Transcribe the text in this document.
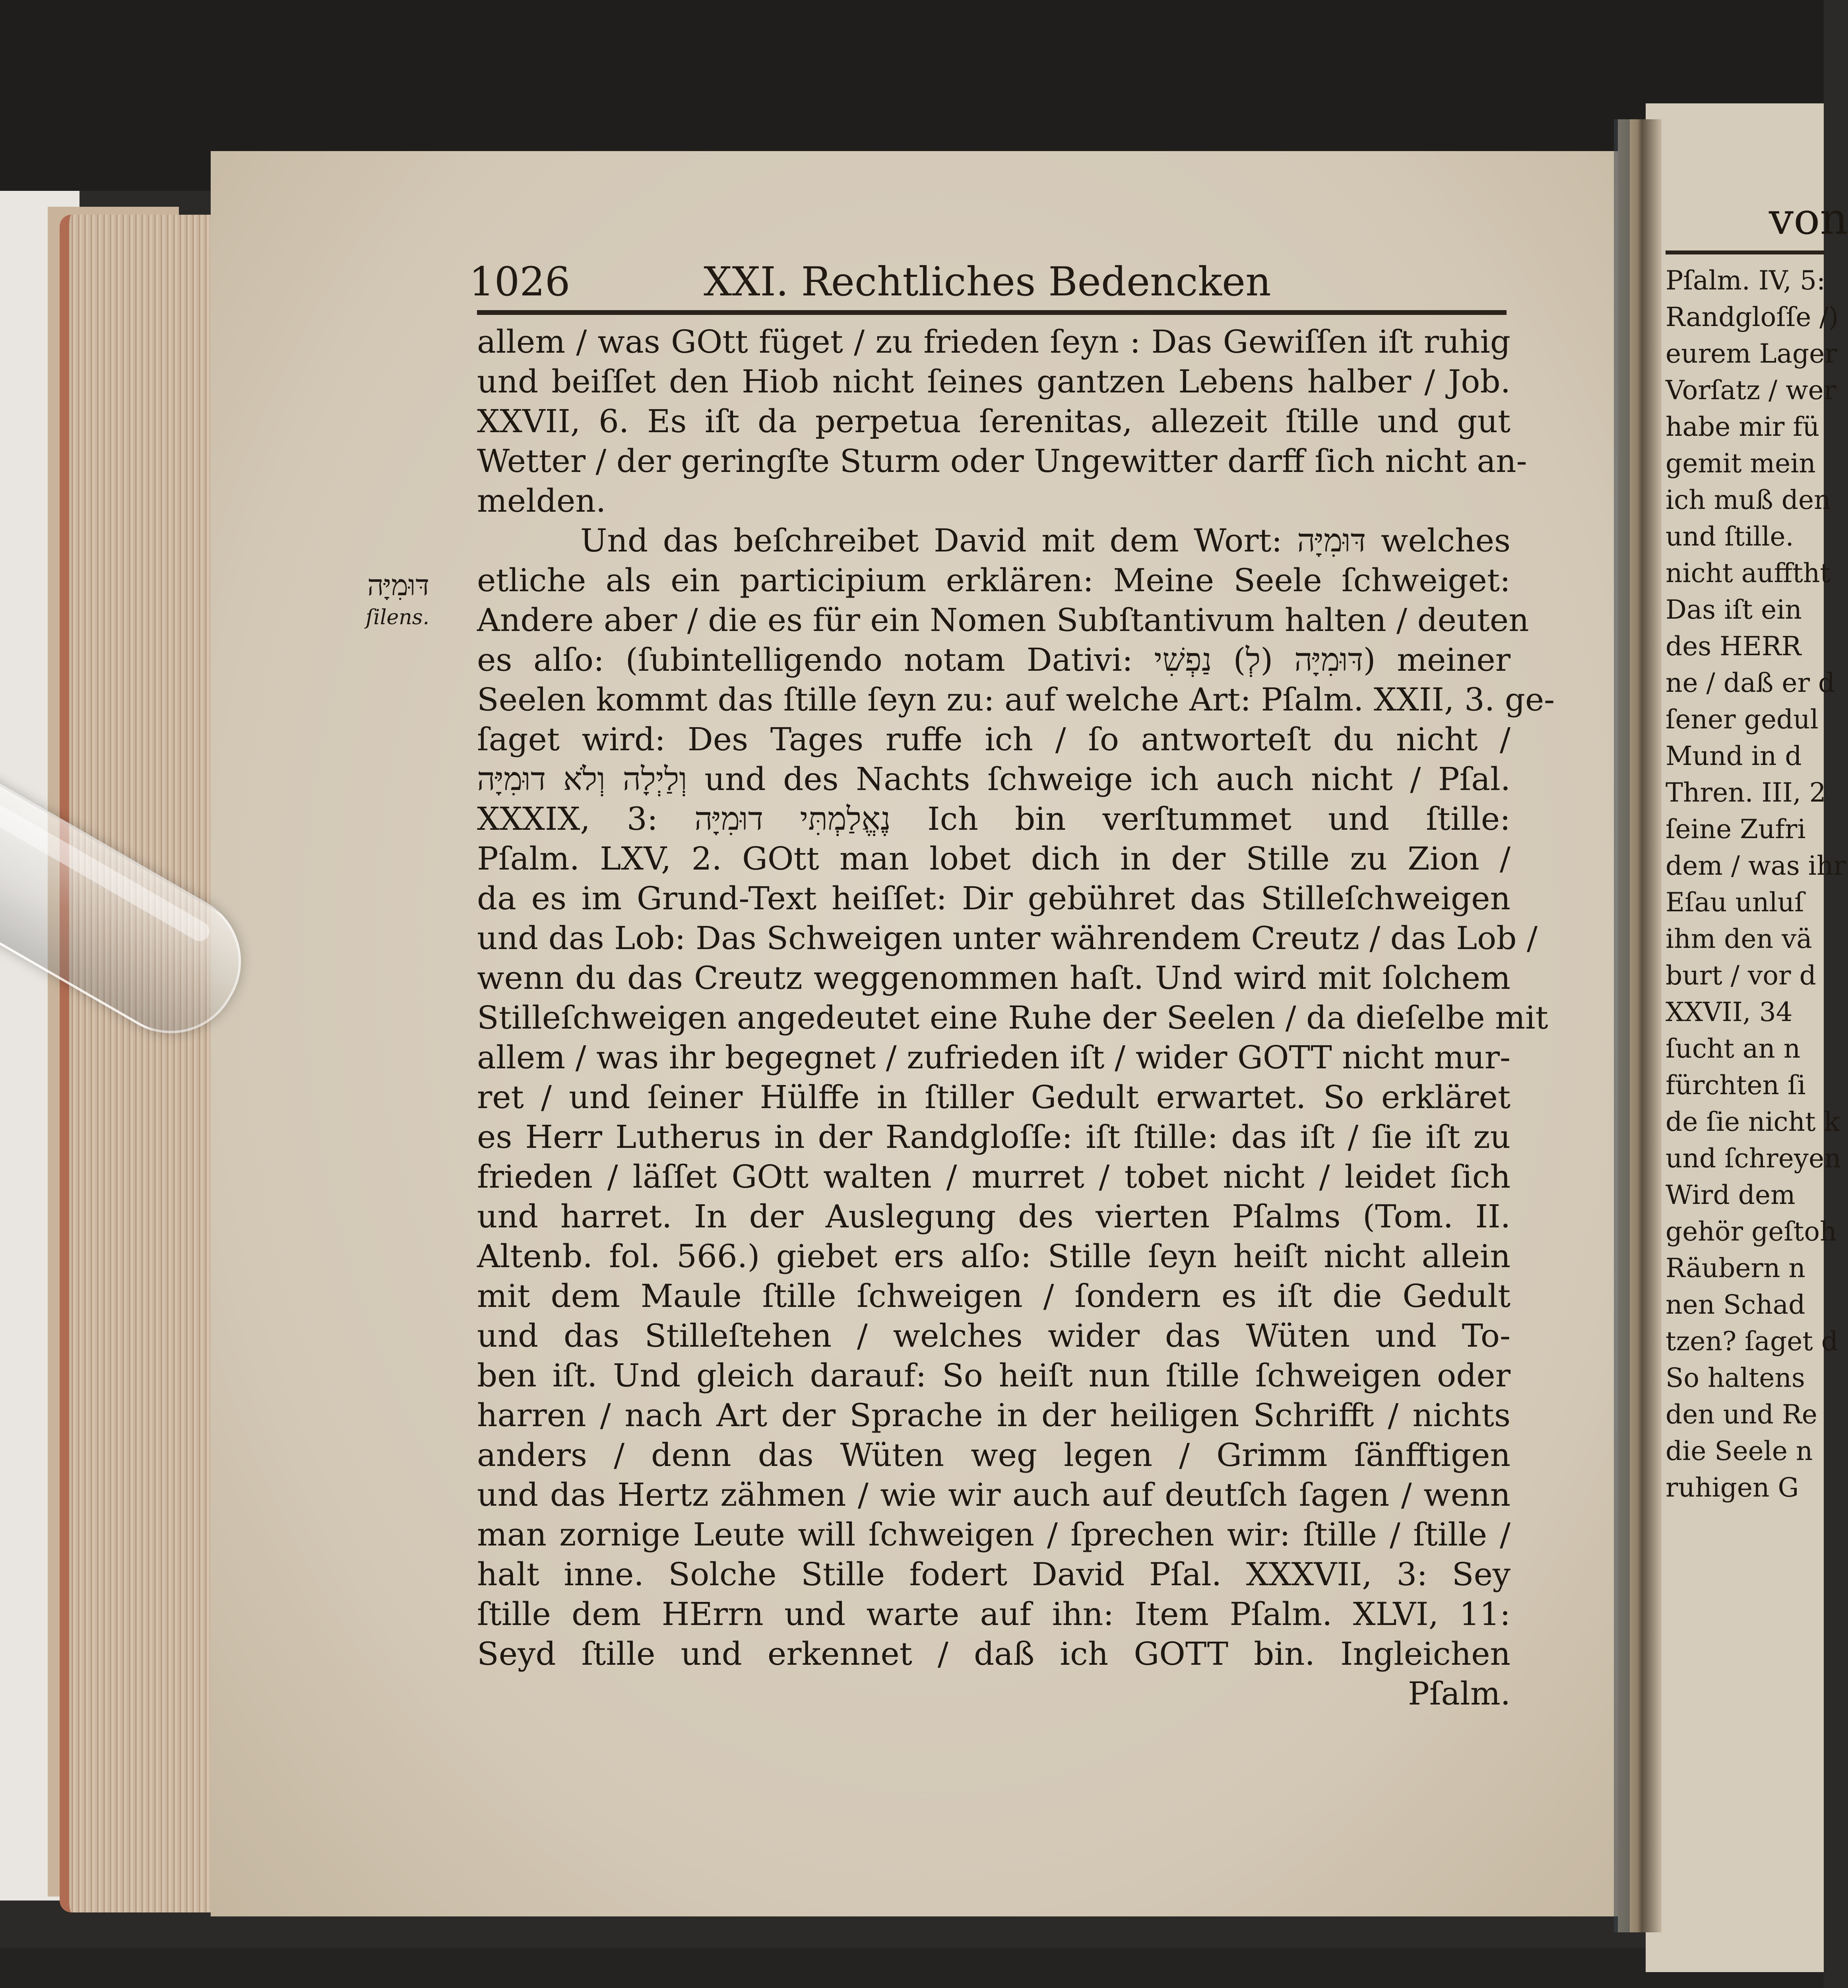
1026	XXI. Rechtliches Bedencken
דּוּמִיָּה
ſilens.
allem / was GOtt füget / zu frieden ſeyn : Das Gewiſſen iſt ruhig
und beiſſet den Hiob nicht ſeines gantzen Lebens halber / Job.
XXVII, 6. Es iſt da perpetua ſerenitas, allezeit ſtille und gut
Wetter / der geringſte Sturm oder Ungewitter darff ſich nicht an-
melden.
Und das beſchreibet David mit dem Wort: דּוּמִיָּה welches
etliche als ein participium erklären: Meine Seele ſchweiget:
Andere aber / die es für ein Nomen Subſtantivum halten / deuten
es alſo: (ſubintelligendo notam Dativi: דּוּמִיָּה (לְ) נַפְשִׁי) meiner
Seelen kommt das ſtille ſeyn zu: auf welche Art: Pſalm. XXII, 3. ge-
ſaget wird: Des Tages ruffe ich / ſo antworteſt du nicht /
וְלַיְלָה וְלֹא דוּמִיָּה und des Nachts ſchweige ich auch nicht / Pſal.
XXXIX, 3: נֶאֱלַמְתִּי דוּמִיָּה Ich bin verſtummet und ſtille:
Pſalm. LXV, 2. GOtt man lobet dich in der Stille zu Zion /
da es im Grund-Text heiſſet: Dir gebühret das Stilleſchweigen
und das Lob: Das Schweigen unter währendem Creutz / das Lob /
wenn du das Creutz weggenommen haſt. Und wird mit ſolchem
Stilleſchweigen angedeutet eine Ruhe der Seelen / da dieſelbe mit
allem / was ihr begegnet / zufrieden iſt / wider GOTT nicht mur-
ret / und ſeiner Hülffe in ſtiller Gedult erwartet. So erkläret
es Herr Lutherus in der Randgloſſe: iſt ſtille: das iſt / ſie iſt zu
frieden / läſſet GOtt walten / murret / tobet nicht / leidet ſich
und harret. In der Auslegung des vierten Pſalms (Tom. II.
Altenb. fol. 566.) giebet ers alſo: Stille ſeyn heiſt nicht allein
mit dem Maule ſtille ſchweigen / ſondern es iſt die Gedult
und das Stilleſtehen / welches wider das Wüten und To-
ben iſt. Und gleich darauf: So heiſt nun ſtille ſchweigen oder
harren / nach Art der Sprache in der heiligen Schrifft / nichts
anders / denn das Wüten weg legen / Grimm ſänfftigen
und das Hertz zähmen / wie wir auch auf deutſch ſagen / wenn
man zornige Leute will ſchweigen / ſprechen wir: ſtille / ſtille /
halt inne. Solche Stille fodert David Pſal. XXXVII, 3: Sey
ſtille dem HErrn und warte auf ihn: Item Pſalm. XLVI, 11:
Seyd ſtille und erkennet / daß ich GOTT bin. Ingleichen
Pſalm.
von
Pſalm. IV, 5:
Randgloſſe /)
eurem Lager
Vorſatz / wer
habe mir fü
gemit mein
ich muß den
und ſtille.
nicht aufftht
Das iſt ein
des HERR
ne / daß er d
ſener gedul
Mund in d
Thren. III, 2
ſeine Zufri
dem / was ihr
Eſau unluſ
ihm den vä
burt / vor d
XXVII, 34
ſucht an n
fürchten ſi
de ſie nicht k
und ſchreyen
Wird dem
gehör geſtoh
Räubern n
nen Schad
tzen? ſaget d
So haltens
den und Re
die Seele n
ruhigen G
